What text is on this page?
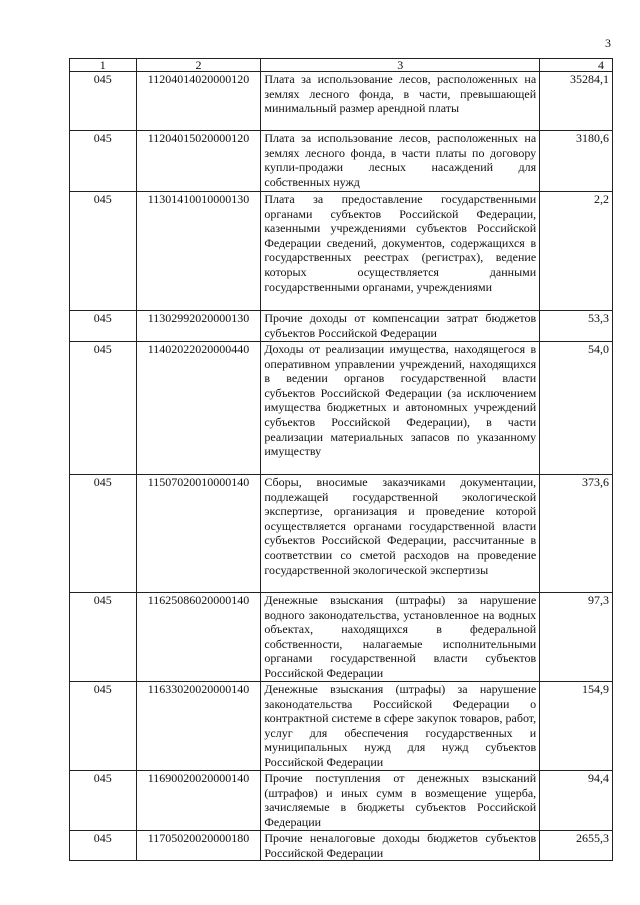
3
1	2	3	4
045	11204014020000120	Плата за использование лесов, расположенных на землях лесного фонда, в части, превышающей минимальный размер арендной платы	35284,1
045	11204015020000120	Плата за использование лесов, расположенных на землях лесного фонда, в части платы по договору купли-продажи лесных насаждений для собственных нужд	3180,6
045	11301410010000130	Плата за предоставление государственными органами субъектов Российской Федерации, казенными учреждениями субъектов Российской Федерации сведений, документов, содержащихся в государственных реестрах (регистрах), ведение которых осуществляется данными государственными органами, учреждениями	2,2
045	11302992020000130	Прочие доходы от компенсации затрат бюджетов субъектов Российской Федерации	53,3
045	11402022020000440	Доходы от реализации имущества, находящегося в оперативном управлении учреждений, находящихся в ведении органов государственной власти субъектов Российской Федерации (за исключением имущества бюджетных и автономных учреждений субъектов Российской Федерации), в части реализации материальных запасов по указанному имуществу	54,0
045	11507020010000140	Сборы, вносимые заказчиками документации, подлежащей государственной экологической экспертизе, организация и проведение которой осуществляется органами государственной власти субъектов Российской Федерации, рассчитанные в соответствии со сметой расходов на проведение государственной экологической экспертизы	373,6
045	11625086020000140	Денежные взыскания (штрафы) за нарушение водного законодательства, установленное на водных объектах, находящихся в федеральной собственности, налагаемые исполнительными органами государственной власти субъектов Российской Федерации	97,3
045	11633020020000140	Денежные взыскания (штрафы) за нарушение законодательства Российской Федерации о контрактной системе в сфере закупок товаров, работ, услуг для обеспечения государственных и муниципальных нужд для нужд субъектов Российской Федерации	154,9
045	11690020020000140	Прочие поступления от денежных взысканий (штрафов) и иных сумм в возмещение ущерба, зачисляемые в бюджеты субъектов Российской Федерации	94,4
045	11705020020000180	Прочие неналоговые доходы бюджетов субъектов Российской Федерации	2655,3
